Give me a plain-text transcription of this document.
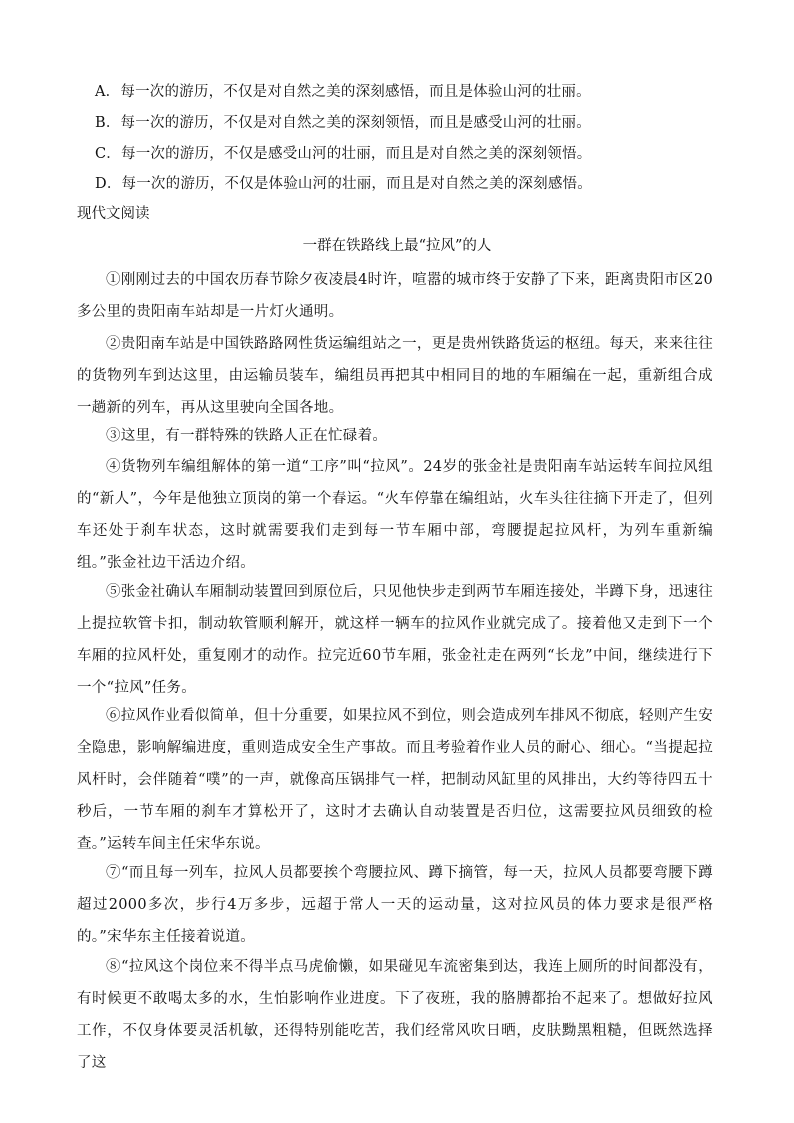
A．每一次的游历，不仅是对自然之美的深刻感悟，而且是体验山河的壮丽。
B．每一次的游历，不仅是对自然之美的深刻领悟，而且是感受山河的壮丽。
C．每一次的游历，不仅是感受山河的壮丽，而且是对自然之美的深刻领悟。
D．每一次的游历，不仅是体验山河的壮丽，而且是对自然之美的深刻感悟。
现代文阅读
一群在铁路线上最“拉风”的人

①刚刚过去的中国农历春节除夕夜凌晨4时许，喧嚣的城市终于安静了下来，距离贵阳市区20多公里的贵阳南车站却是一片灯火通明。

②贵阳南车站是中国铁路路网性货运编组站之一，更是贵州铁路货运的枢纽。每天，来来往往的货物列车到达这里，由运输员装车，编组员再把其中相同目的地的车厢编在一起，重新组合成一趟新的列车，再从这里驶向全国各地。

③这里，有一群特殊的铁路人正在忙碌着。

④货物列车编组解体的第一道“工序”叫“拉风”。24岁的张金社是贵阳南车站运转车间拉风组的“新人”，今年是他独立顶岗的第一个春运。“火车停靠在编组站，火车头往往摘下开走了，但列车还处于刹车状态，这时就需要我们走到每一节车厢中部，弯腰提起拉风杆，为列车重新编组。”张金社边干活边介绍。

⑤张金社确认车厢制动装置回到原位后，只见他快步走到两节车厢连接处，半蹲下身，迅速往上提拉软管卡扣，制动软管顺利解开，就这样一辆车的拉风作业就完成了。接着他又走到下一个车厢的拉风杆处，重复刚才的动作。拉完近60节车厢，张金社走在两列“长龙”中间，继续进行下一个“拉风”任务。

⑥拉风作业看似简单，但十分重要，如果拉风不到位，则会造成列车排风不彻底，轻则产生安全隐患，影响解编进度，重则造成安全生产事故。而且考验着作业人员的耐心、细心。“当提起拉风杆时，会伴随着“噗”的一声，就像高压锅排气一样，把制动风缸里的风排出，大约等待四五十秒后，一节车厢的刹车才算松开了，这时才去确认自动装置是否归位，这需要拉风员细致的检查。”运转车间主任宋华东说。

⑦“而且每一列车，拉风人员都要挨个弯腰拉风、蹲下摘管，每一天，拉风人员都要弯腰下蹲超过2000多次，步行4万多步，远超于常人一天的运动量，这对拉风员的体力要求是很严格的。”宋华东主任接着说道。

⑧“拉风这个岗位来不得半点马虎偷懒，如果碰见车流密集到达，我连上厕所的时间都没有，有时候更不敢喝太多的水，生怕影响作业进度。下了夜班，我的胳膊都抬不起来了。想做好拉风工作，不仅身体要灵活机敏，还得特别能吃苦，我们经常风吹日晒，皮肤黝黑粗糙，但既然选择了这
